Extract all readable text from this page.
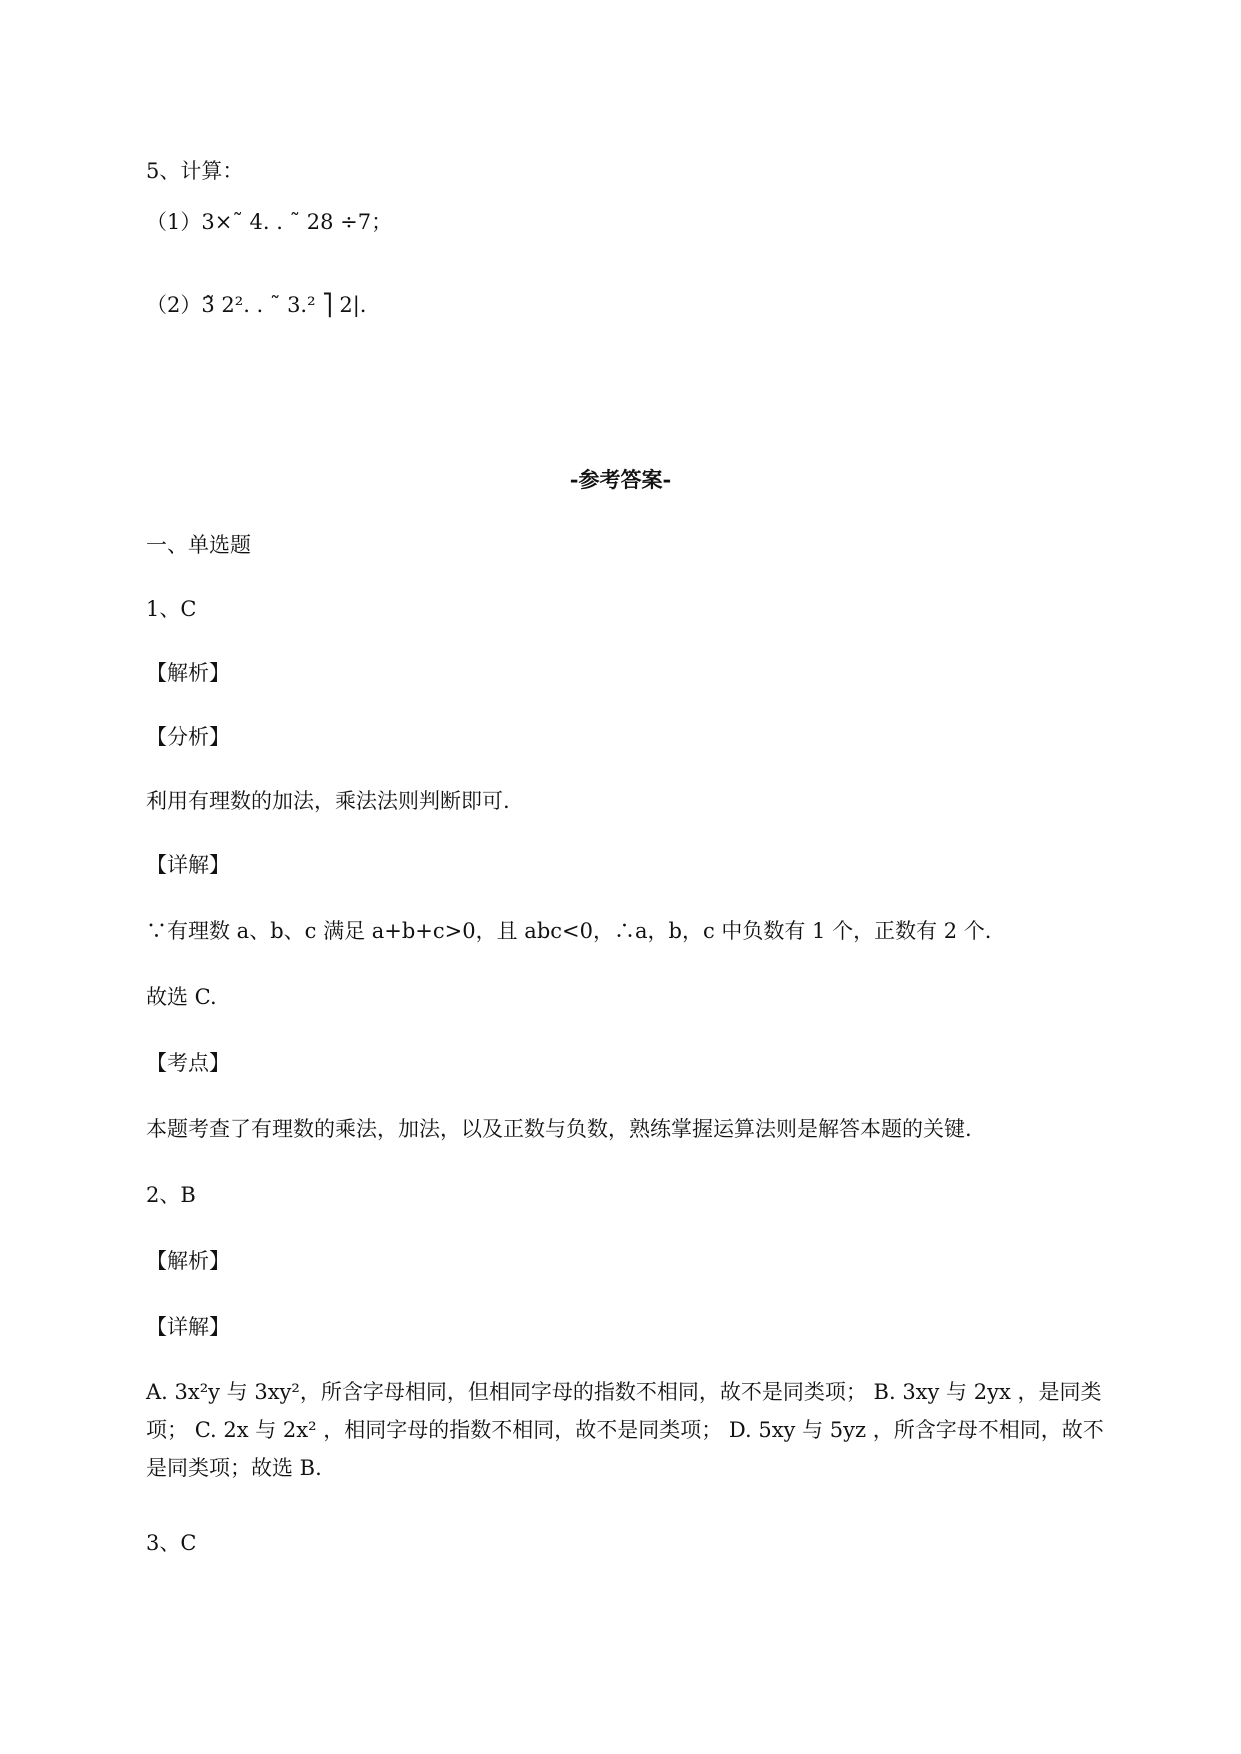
5、计算：
（1）3×˜ 4. . ˜ 28 ÷7；
（2）3̃ 2². . ˜ 3.² ⎤ 2|.
-参考答案-
一、单选题
1、C
【解析】
【分析】
利用有理数的加法，乘法法则判断即可.
【详解】
∵有理数 a、b、c 满足 a+b+c>0，且 abc<0，∴a，b，c 中负数有 1 个，正数有 2 个.
故选 C.
【考点】
本题考查了有理数的乘法，加法，以及正数与负数，熟练掌握运算法则是解答本题的关键.
2、B
【解析】
【详解】
A. 3x²y 与 3xy²，所含字母相同，但相同字母的指数不相同，故不是同类项； B. 3xy 与 2yx ，是同类项； C. 2x 与 2x² ，相同字母的指数不相同，故不是同类项； D. 5xy 与 5yz ，所含字母不相同，故不是同类项；故选 B.
3、C
